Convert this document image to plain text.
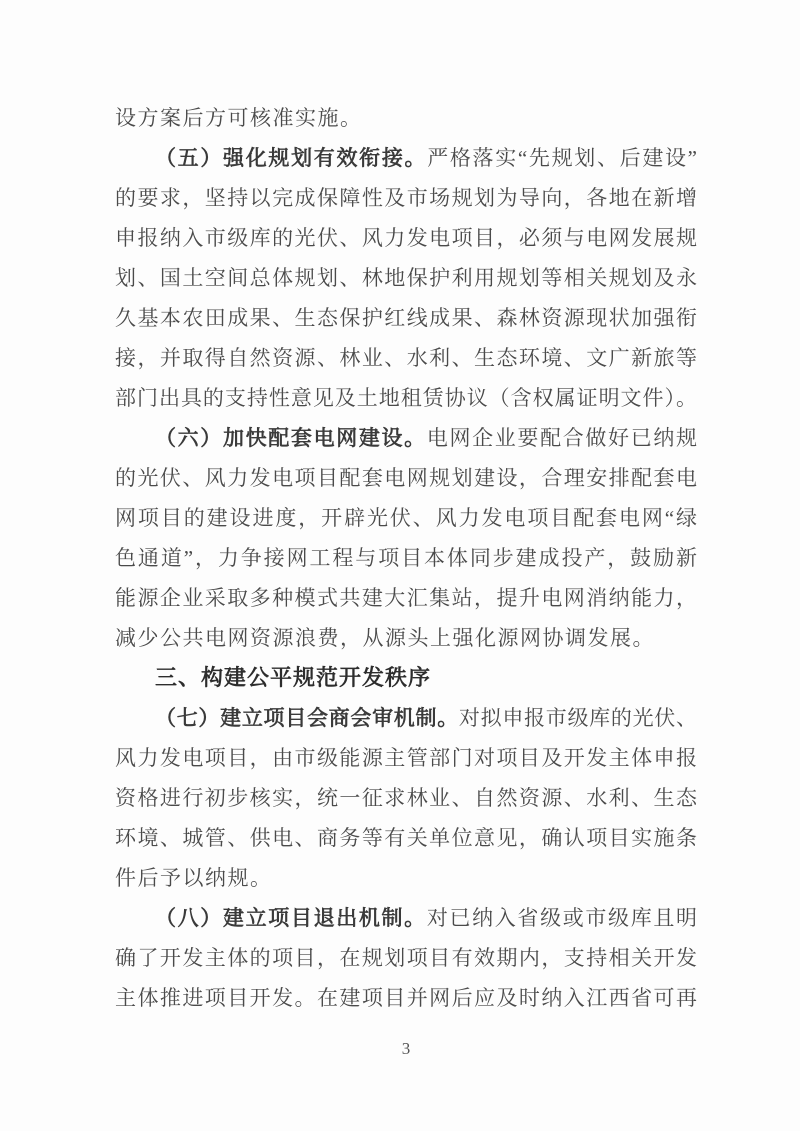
设方案后方可核准实施。
（五）强化规划有效衔接。严格落实“先规划、后建设”
的要求，坚持以完成保障性及市场规划为导向，各地在新增
申报纳入市级库的光伏、风力发电项目，必须与电网发展规
划、国土空间总体规划、林地保护利用规划等相关规划及永
久基本农田成果、生态保护红线成果、森林资源现状加强衔
接，并取得自然资源、林业、水利、生态环境、文广新旅等
部门出具的支持性意见及土地租赁协议（含权属证明文件）。
（六）加快配套电网建设。电网企业要配合做好已纳规
的光伏、风力发电项目配套电网规划建设，合理安排配套电
网项目的建设进度，开辟光伏、风力发电项目配套电网“绿
色通道”，力争接网工程与项目本体同步建成投产，鼓励新
能源企业采取多种模式共建大汇集站，提升电网消纳能力，
减少公共电网资源浪费，从源头上强化源网协调发展。
三、构建公平规范开发秩序
（七）建立项目会商会审机制。对拟申报市级库的光伏、
风力发电项目，由市级能源主管部门对项目及开发主体申报
资格进行初步核实，统一征求林业、自然资源、水利、生态
环境、城管、供电、商务等有关单位意见，确认项目实施条
件后予以纳规。
（八）建立项目退出机制。对已纳入省级或市级库且明
确了开发主体的项目，在规划项目有效期内，支持相关开发
主体推进项目开发。在建项目并网后应及时纳入江西省可再
3
